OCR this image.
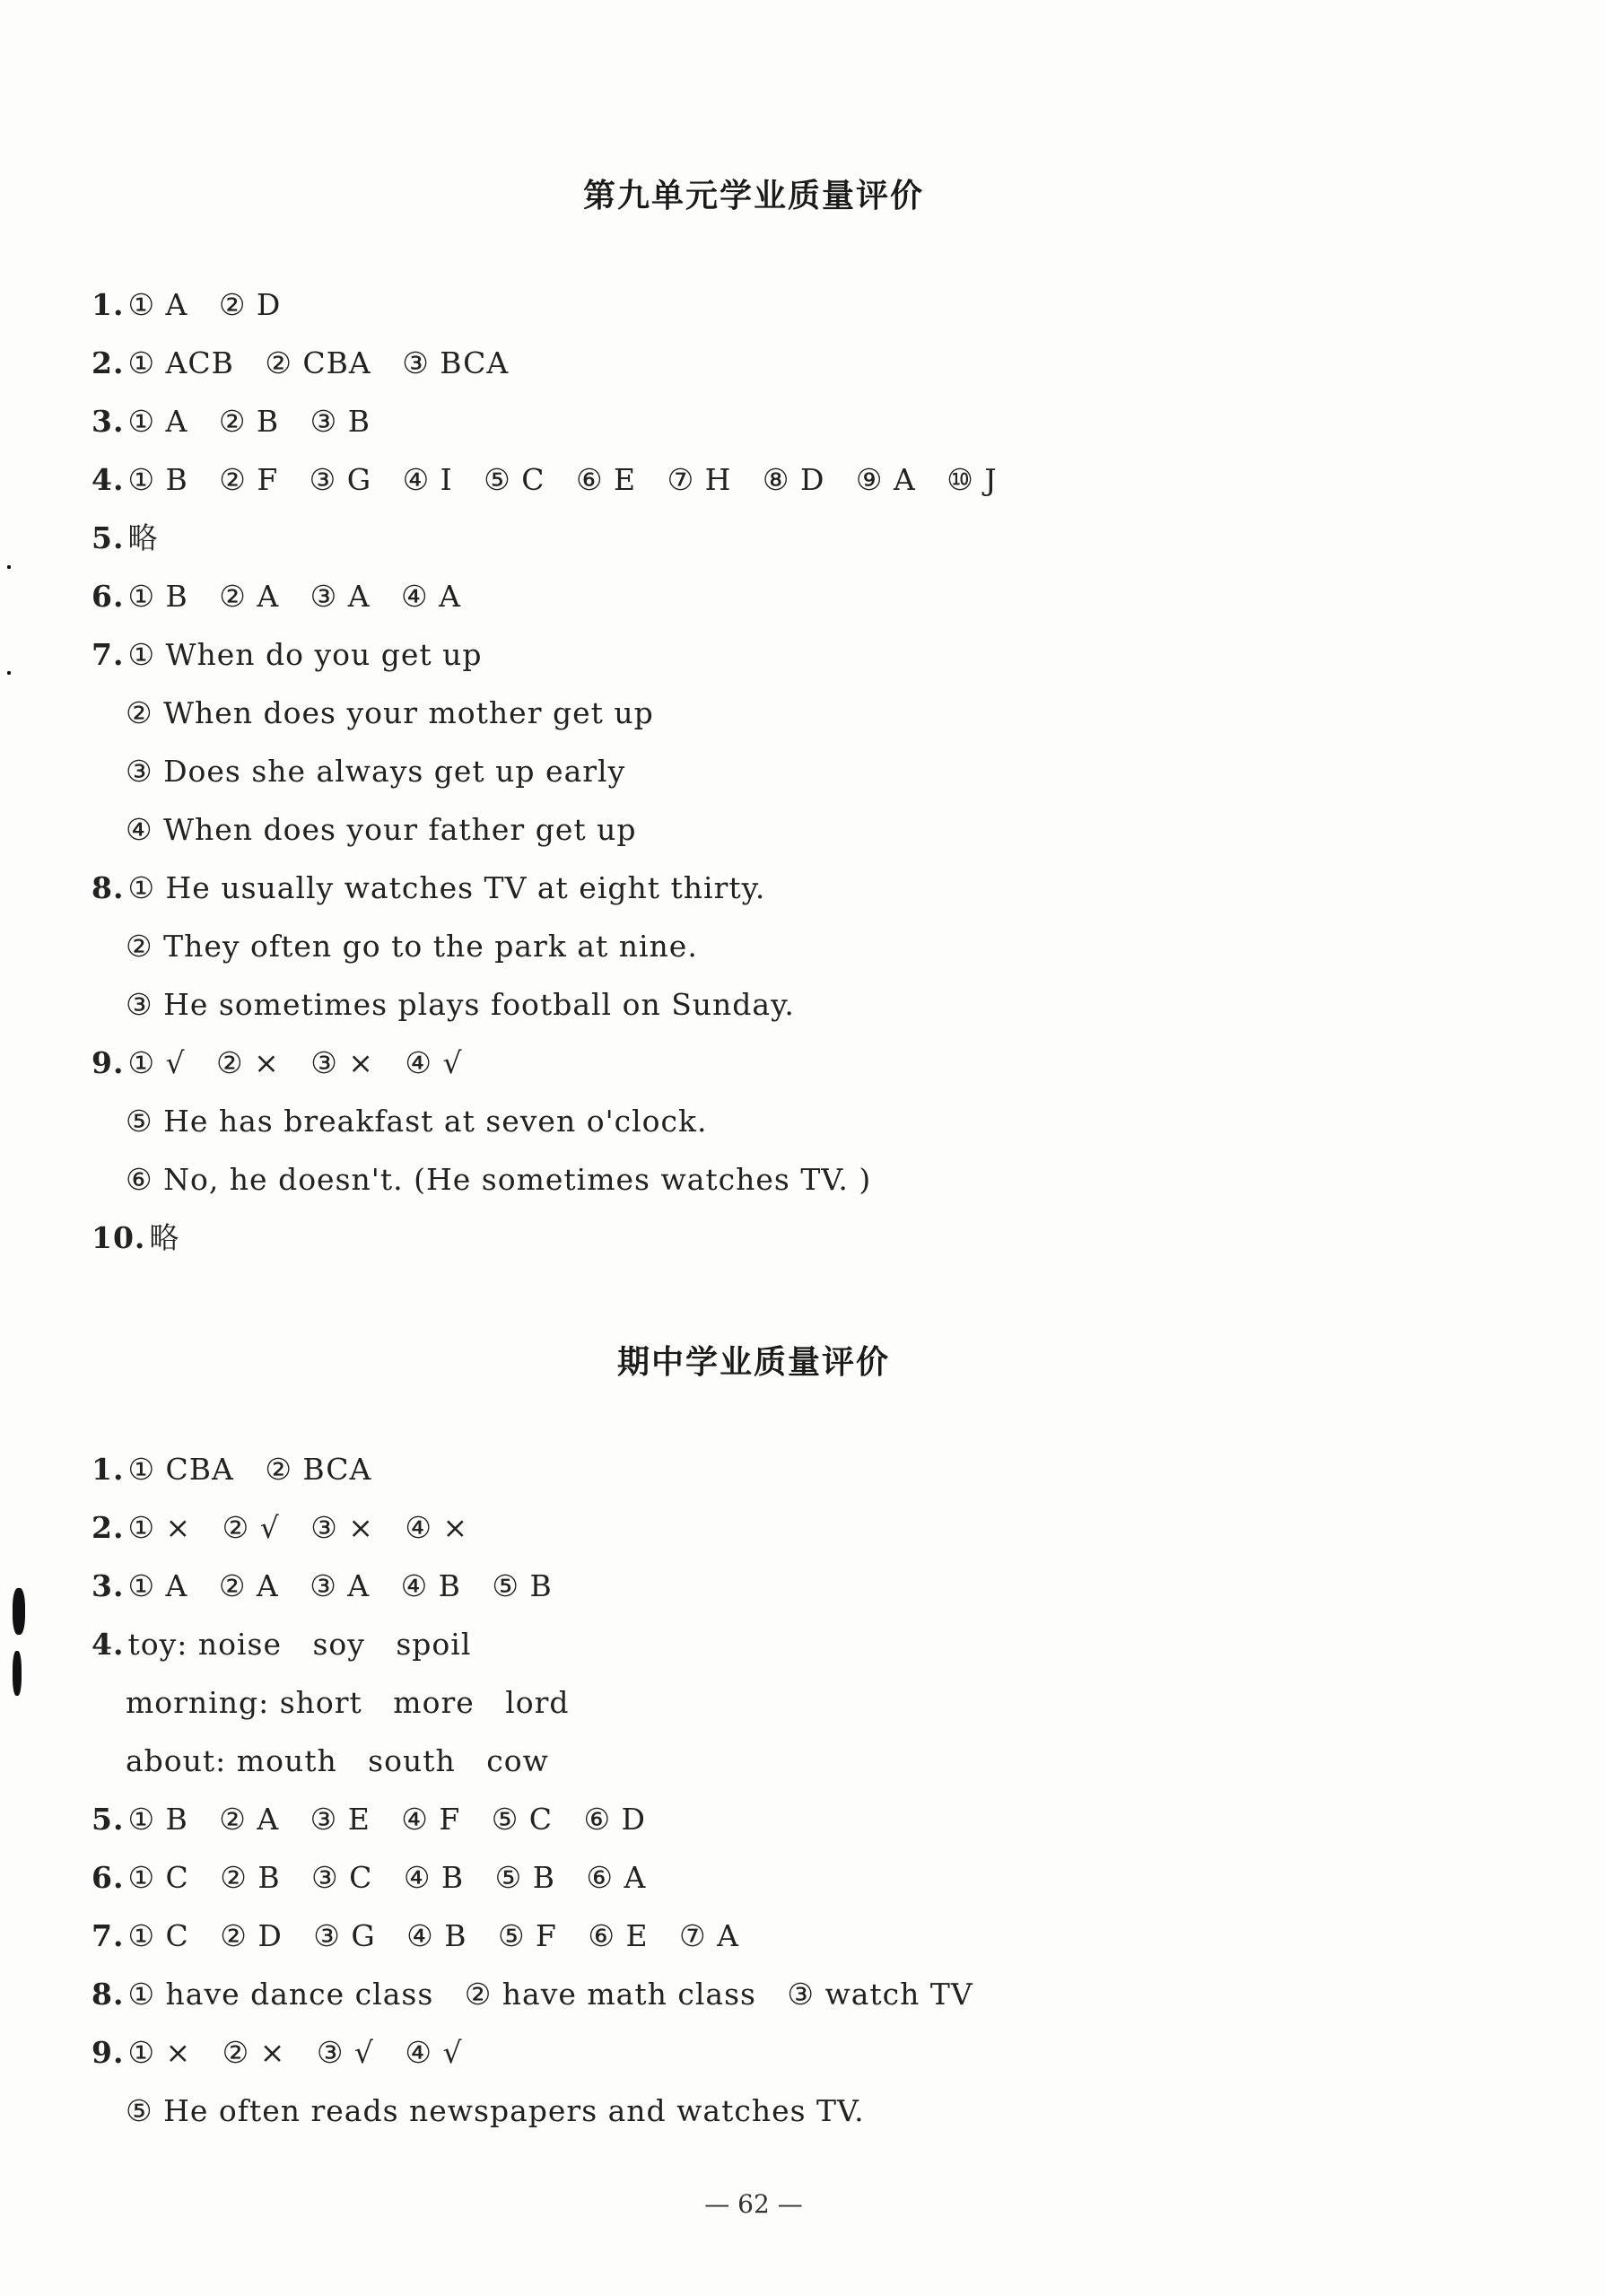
第九单元学业质量评价
1. ① A   ② D
2. ① ACB   ② CBA   ③ BCA
3. ① A   ② B   ③ B
4. ① B   ② F   ③ G   ④ I   ⑤ C   ⑥ E   ⑦ H   ⑧ D   ⑨ A   ⑩ J
5. 略
6. ① B   ② A   ③ A   ④ A
7. ① When do you get up
② When does your mother get up
③ Does she always get up early
④ When does your father get up
8. ① He usually watches TV at eight thirty.
② They often go to the park at nine.
③ He sometimes plays football on Sunday.
9. ① √   ② ×   ③ ×   ④ √
⑤ He has breakfast at seven o'clock.
⑥ No, he doesn't. (He sometimes watches TV. )
10. 略
期中学业质量评价
1. ① CBA   ② BCA
2. ① ×   ② √   ③ ×   ④ ×
3. ① A   ② A   ③ A   ④ B   ⑤ B
4. toy: noise   soy   spoil
morning: short   more   lord
about: mouth   south   cow
5. ① B   ② A   ③ E   ④ F   ⑤ C   ⑥ D
6. ① C   ② B   ③ C   ④ B   ⑤ B   ⑥ A
7. ① C   ② D   ③ G   ④ B   ⑤ F   ⑥ E   ⑦ A
8. ① have dance class   ② have math class   ③ watch TV
9. ① ×   ② ×   ③ √   ④ √
⑤ He often reads newspapers and watches TV.
— 62 —
